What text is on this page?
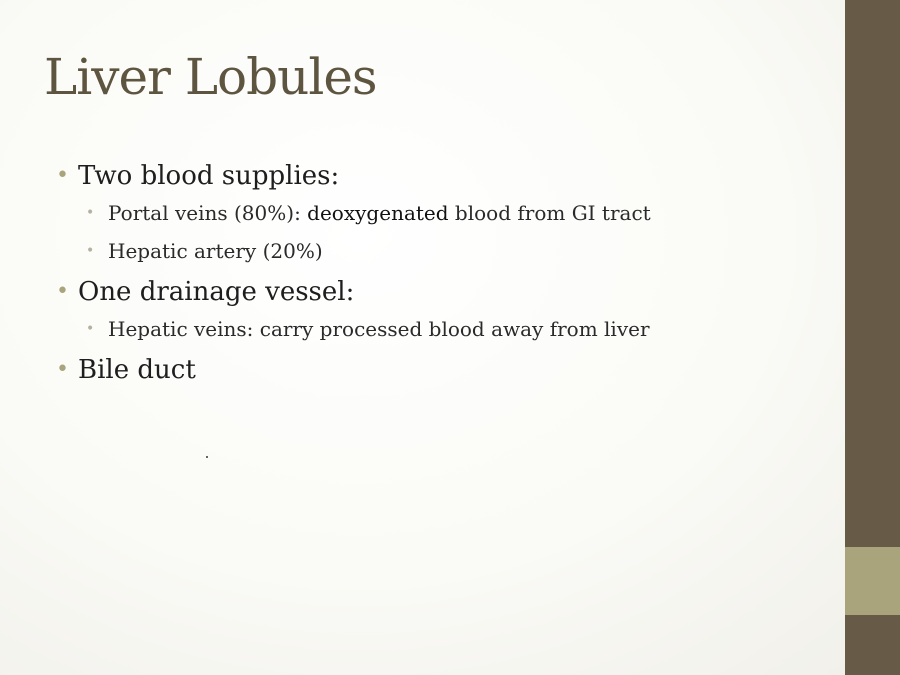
Liver Lobules
• Two blood supplies:
• Portal veins (80%): deoxygenated blood from GI tract
• Hepatic artery (20%)
• One drainage vessel:
• Hepatic veins: carry processed blood away from liver
• Bile duct
